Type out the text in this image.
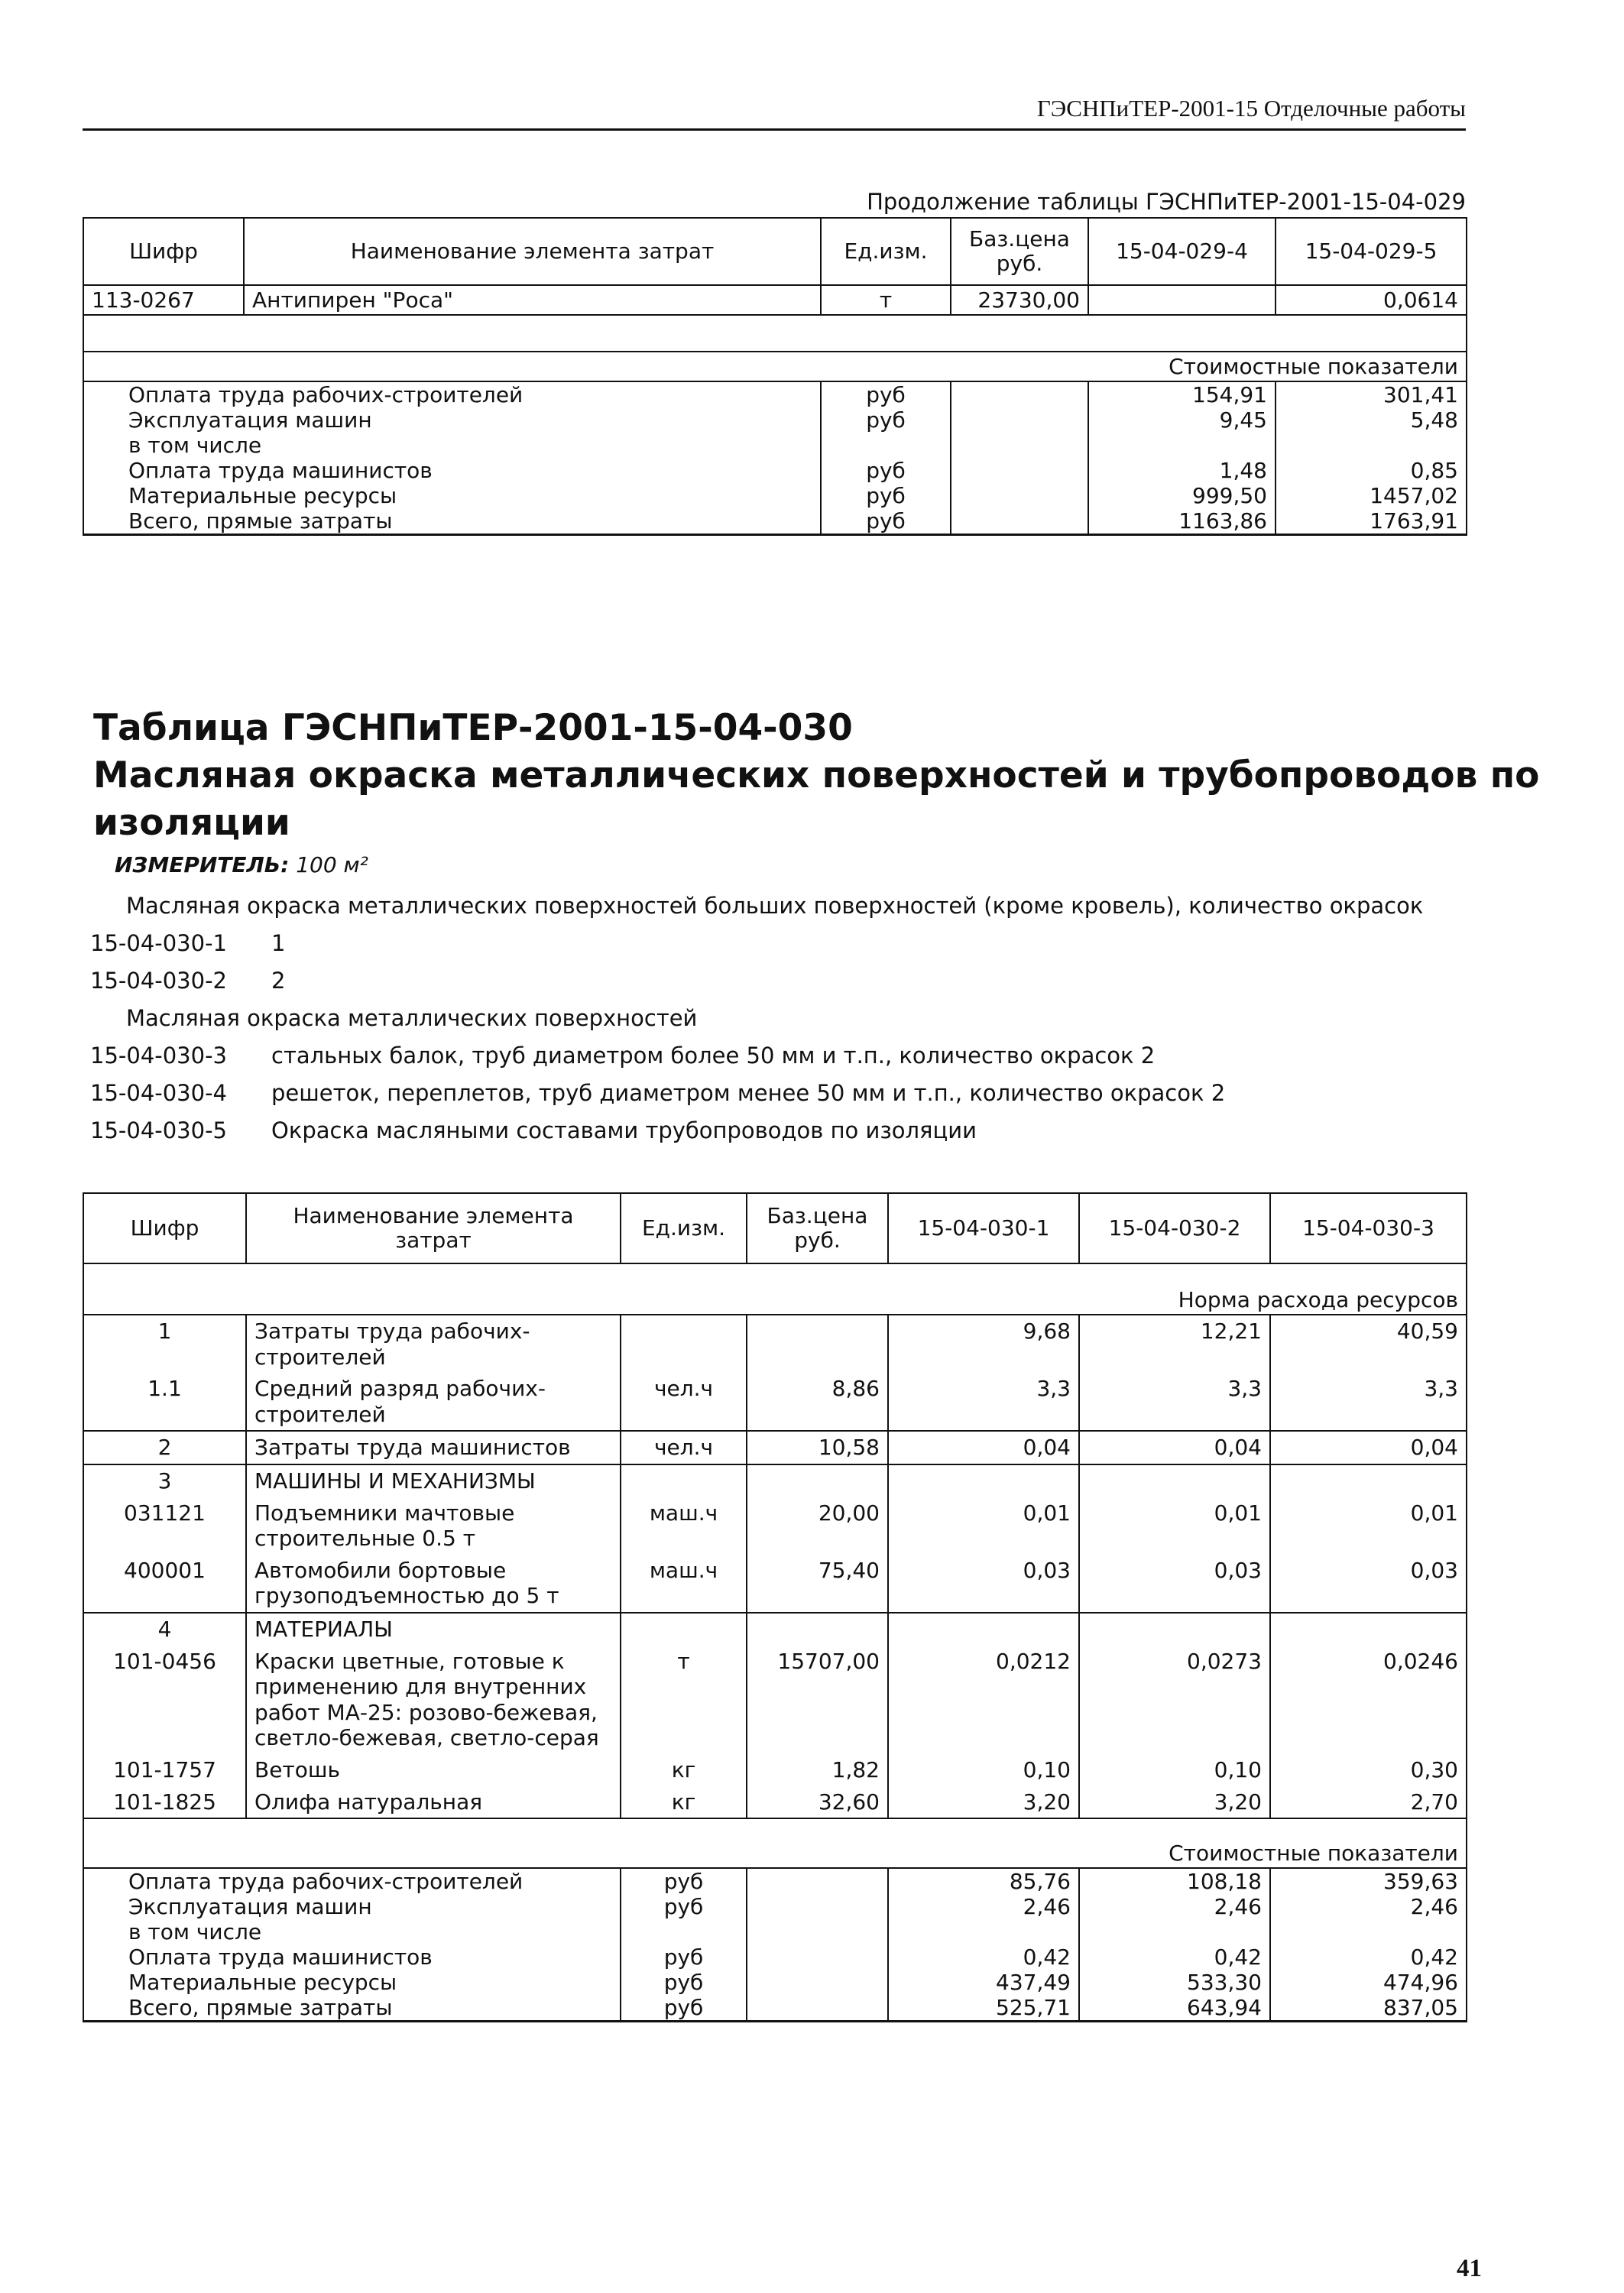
ГЭСНПиТЕР-2001-15 Отделочные работы
Продолжение таблицы ГЭСНПиТЕР-2001-15-04-029
Шифр	Наименование элемента затрат	Ед.изм.	Баз.цена руб.	15-04-029-4	15-04-029-5
113-0267	Антипирен "Роса"	т	23730,00		0,0614

Стоимостные показатели					
Оплата труда рабочих-строителей		руб		154,91	301,41
Эксплуатация машин		руб		9,45	5,48
в том числе					
Оплата труда машинистов		руб		1,48	0,85
Материальные ресурсы		руб		999,50	1457,02
Всего, прямые затраты		руб		1163,86	1763,91
Таблица ГЭСНПиТЕР-2001-15-04-030
Масляная окраска металлических поверхностей и трубопроводов по
изоляции
ИЗМЕРИТЕЛЬ: 100 м²
Масляная окраска металлических поверхностей больших поверхностей (кроме кровель), количество окрасок
15-04-030-1 1
15-04-030-2 2
Масляная окраска металлических поверхностей
15-04-030-3 стальных балок, труб диаметром более 50 мм и т.п., количество окрасок 2
15-04-030-4 решеток, переплетов, труб диаметром менее 50 мм и т.п., количество окрасок 2
15-04-030-5 Окраска масляными составами трубопроводов по изоляции
Шифр	Наименование элемента затрат	Ед.изм.	Баз.цена руб.	15-04-030-1	15-04-030-2	15-04-030-3
Норма расхода ресурсов						
1	Затраты труда рабочих-строителей			9,68	12,21	40,59
1.1	Средний разряд рабочих-строителей	чел.ч	8,86	3,3	3,3	3,3
2	Затраты труда машинистов	чел.ч	10,58	0,04	0,04	0,04
3	МАШИНЫ И МЕХАНИЗМЫ					
031121	Подъемники мачтовые строительные 0.5 т	маш.ч	20,00	0,01	0,01	0,01
400001	Автомобили бортовые грузоподъемностью до 5 т	маш.ч	75,40	0,03	0,03	0,03
4	МАТЕРИАЛЫ					
101-0456	Краски цветные, готовые к применению для внутренних работ МА-25: розово-бежевая, светло-бежевая, светло-серая	т	15707,00	0,0212	0,0273	0,0246
101-1757	Ветошь	кг	1,82	0,10	0,10	0,30
101-1825	Олифа натуральная	кг	32,60	3,20	3,20	2,70
Стоимостные показатели						
Оплата труда рабочих-строителей		руб		85,76	108,18	359,63
Эксплуатация машин		руб		2,46	2,46	2,46
в том числе						
Оплата труда машинистов		руб		0,42	0,42	0,42
Материальные ресурсы		руб		437,49	533,30	474,96
Всего, прямые затраты		руб		525,71	643,94	837,05
41
